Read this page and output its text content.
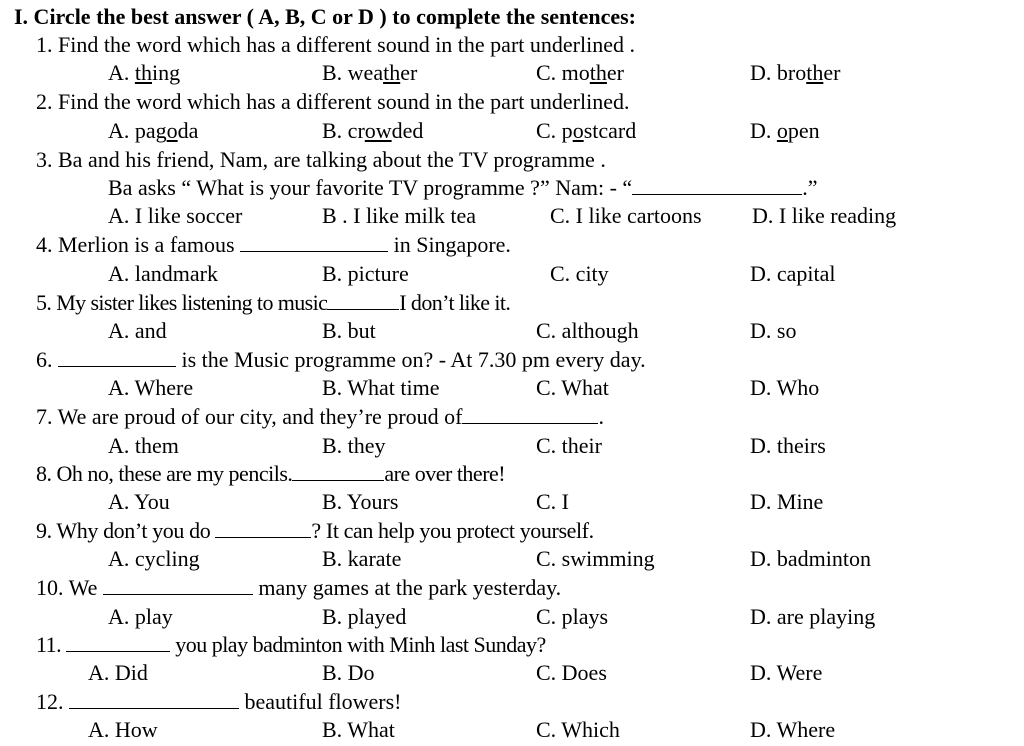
I. Circle the best answer ( A, B, C or D ) to complete the sentences:
1. Find the word which has a different sound in the part underlined .
A. thing	B. weather	C. mother	D. brother
2. Find the word which has a different sound in the part underlined.
A. pagoda	B. crowded	C. postcard	D. open
3. Ba and his friend, Nam, are talking about the TV programme .
Ba asks “ What is your favorite TV programme ?” Nam: - “	.”
A. I like soccer	B . I like milk tea	C. I like cartoons D. I like reading
4. Merlion is a famous	in Singapore.
A. landmark	B. picture	C. city	D. capital
5. My sister likes listening to music	I don’t like it.
A. and	B. but	C. although	D. so
6.	is the Music programme on? - At 7.30 pm every day.
A. Where	B. What time	C. What	D. Who
7. We are proud of our city, and they’re proud of	.
A. them	B. they	C. their	D. theirs
8. Oh no, these are my pencils.	are over there!
A. You	B. Yours	C. I	D. Mine
9. Why don’t you do	? It can help you protect yourself.
A. cycling	B. karate	C. swimming	D. badminton
10. We	many games at the park yesterday.
A. play	B. played	C. plays	D. are playing
11.	you play badminton with Minh last Sunday?
A. Did	B. Do	C. Does	D. Were
12.	beautiful flowers!
A. How	B. What	C. Which	D. Where
